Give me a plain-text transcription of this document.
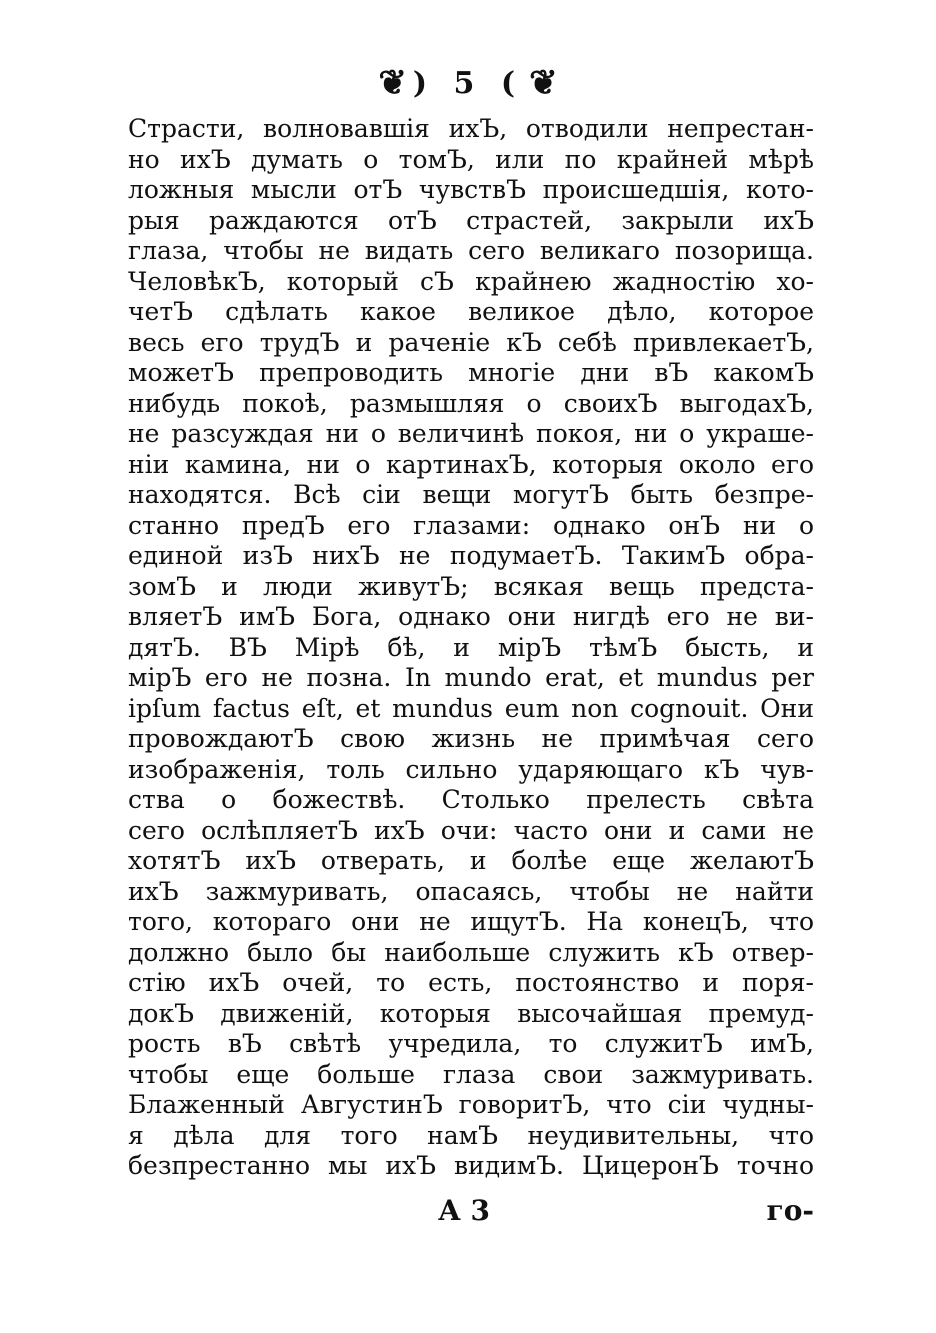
❦ ) 5 ( ❦
Страсти, волновавшія ихЪ, отводили непрестан-
но ихЪ думать о томЪ, или по крайней мѣрѣ
ложныя мысли отЪ чувствЪ происшедшія, кото-
рыя раждаются отЪ страстей, закрыли ихЪ
глаза, чтобы не видать сего великаго позорища.
ЧеловѣкЪ, который сЪ крайнею жадностію хо-
четЪ сдѣлать какое великое дѣло, которое
весь его трудЪ и раченіе кЪ себѣ привлекаетЪ,
можетЪ препроводить многіе дни вЪ какомЪ
нибудь покоѣ, размышляя о своихЪ выгодахЪ,
не разсуждая ни о величинѣ покоя, ни о украше-
ніи камина, ни о картинахЪ, которыя около его
находятся. Всѣ сіи вещи могутЪ быть безпре-
станно предЪ его глазами: однако онЪ ни о
единой изЪ нихЪ не подумаетЪ. ТакимЪ обра-
зомЪ и люди живутЪ; всякая вещь предста-
вляетЪ имЪ Бога, однако они нигдѣ его не ви-
дятЪ. ВЪ Мірѣ бѣ, и мірЪ тѣмЪ бысть, и
мірЪ его не позна. In mundo erat, et mundus per
ipſum factus eſt, et mundus eum non cognouit. Они
провождаютЪ свою жизнь не примѣчая сего
изображенія, толь сильно ударяющаго кЪ чув-
ства о божествѣ. Столько прелесть свѣта
сего ослѣпляетЪ ихЪ очи: часто они и сами не
хотятЪ ихЪ отверать, и болѣе еще желаютЪ
ихЪ зажмуривать, опасаясь, чтобы не найти
того, котораго они не ищутЪ. На конецЪ, что
должно было бы наибольше служить кЪ отвер-
стію ихЪ очей, то есть, постоянство и поря-
докЪ движеній, которыя высочайшая премуд-
рость вЪ свѣтѣ учредила, то служитЪ имЪ,
чтобы еще больше глаза свои зажмуривать.
Блаженный АвгустинЪ говоритЪ, что сіи чудны-
я дѣла для того намЪ неудивительны, что
безпрестанно мы ихЪ видимЪ. ЦицеронЪ точно
А 3	го-
